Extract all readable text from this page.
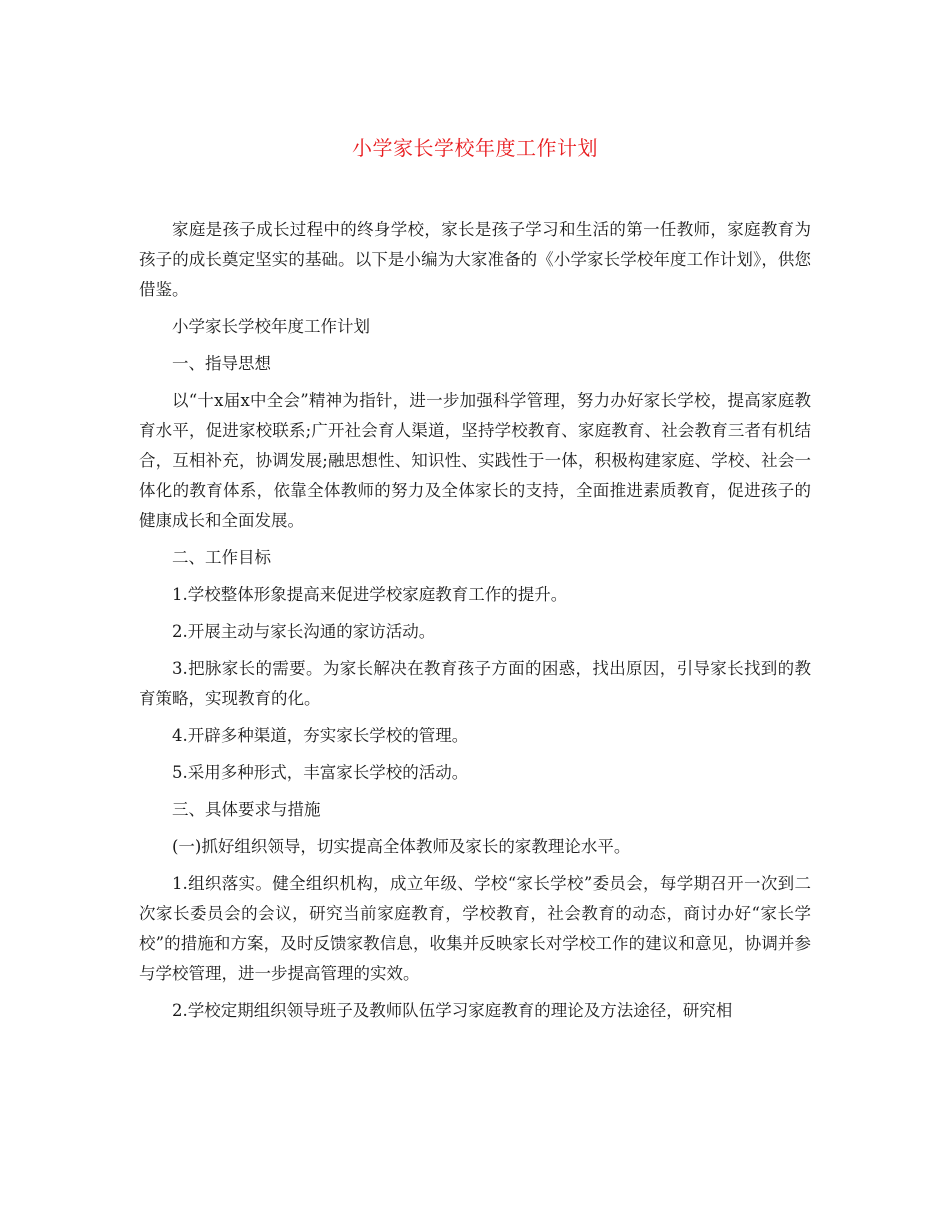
小学家长学校年度工作计划

家庭是孩子成长过程中的终身学校，家长是孩子学习和生活的第一任教师，家庭教育为孩子的成长奠定坚实的基础。以下是小编为大家准备的《小学家长学校年度工作计划》，供您借鉴。

小学家长学校年度工作计划

一、指导思想

以“十x届x中全会”精神为指针，进一步加强科学管理，努力办好家长学校，提高家庭教育水平，促进家校联系;广开社会育人渠道，坚持学校教育、家庭教育、社会教育三者有机结合，互相补充，协调发展;融思想性、知识性、实践性于一体，积极构建家庭、学校、社会一体化的教育体系，依靠全体教师的努力及全体家长的支持，全面推进素质教育，促进孩子的健康成长和全面发展。

二、工作目标

1.学校整体形象提高来促进学校家庭教育工作的提升。

2.开展主动与家长沟通的家访活动。

3.把脉家长的需要。为家长解决在教育孩子方面的困惑，找出原因，引导家长找到的教育策略，实现教育的化。

4.开辟多种渠道，夯实家长学校的管理。

5.采用多种形式，丰富家长学校的活动。

三、具体要求与措施

(一)抓好组织领导，切实提高全体教师及家长的家教理论水平。

1.组织落实。健全组织机构，成立年级、学校“家长学校”委员会，每学期召开一次到二次家长委员会的会议，研究当前家庭教育，学校教育，社会教育的动态，商讨办好“家长学校”的措施和方案，及时反馈家教信息，收集并反映家长对学校工作的建议和意见，协调并参与学校管理，进一步提高管理的实效。

2.学校定期组织领导班子及教师队伍学习家庭教育的理论及方法途径，研究相
